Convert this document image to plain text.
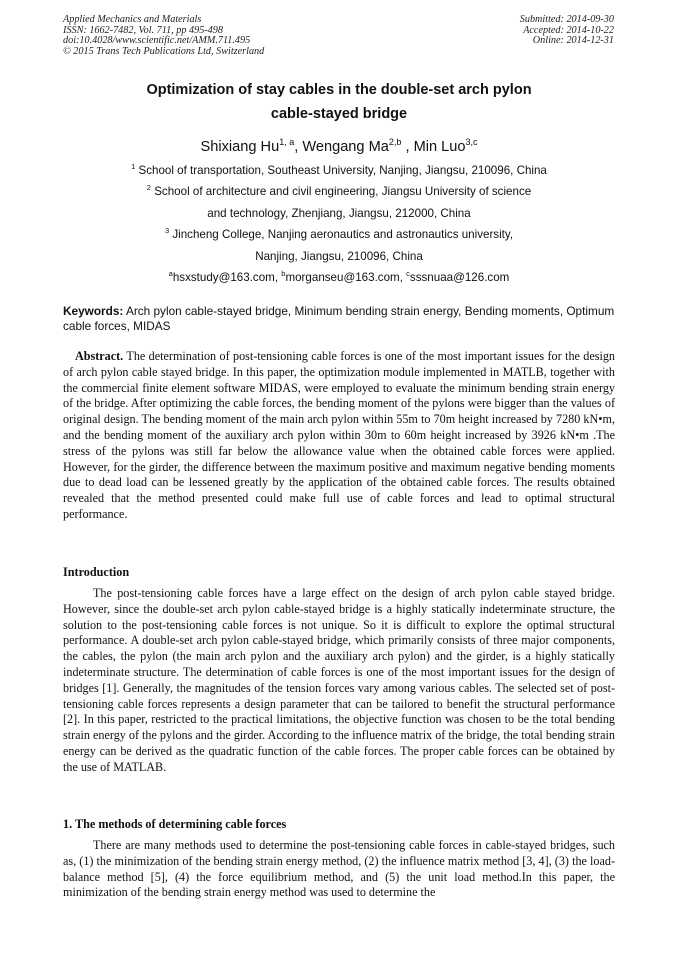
Applied Mechanics and Materials
ISSN: 1662-7482, Vol. 711, pp 495-498
doi:10.4028/www.scientific.net/AMM.711.495
© 2015 Trans Tech Publications Ltd, Switzerland
Submitted: 2014-09-30
Accepted: 2014-10-22
Online: 2014-12-31
Optimization of stay cables in the double-set arch pylon
cable-stayed bridge
Shixiang Hu$^{1, a}$, Wengang Ma$^{2,b}$ , Min Luo$^{3,c}$
$^1$ School of transportation, Southeast University, Nanjing, Jiangsu, 210096, China
$^2$ School of architecture and civil engineering, Jiangsu University of science
and technology, Zhenjiang, Jiangsu, 212000, China
$^3$ Jincheng College, Nanjing aeronautics and astronautics university,
Nanjing, Jiangsu, 210096, China
$^a$hsxstudy@163.com, $^b$morganseu@163.com, $^c$sssnuaa@126.com
Keywords: Arch pylon cable-stayed bridge, Minimum bending strain energy, Bending moments, Optimum cable forces, MIDAS
Abstract. The determination of post-tensioning cable forces is one of the most important issues for the design of arch pylon cable stayed bridge. In this paper, the optimization module implemented in MATLB, together with the commercial finite element software MIDAS, were employed to evaluate the minimum bending strain energy of the bridge. After optimizing the cable forces, the bending moment of the pylons were bigger than the values of original design. The bending moment of the main arch pylon within 55m to 70m height increased by 7280 kN•m, and the bending moment of the auxiliary arch pylon within 30m to 60m height increased by 3926 kN•m .The stress of the pylons was still far below the allowance value when the obtained cable forces were applied. However, for the girder, the difference between the maximum positive and maximum negative bending moments due to dead load can be lessened greatly by the application of the obtained cable forces. The results obtained revealed that the method presented could make full use of cable forces and lead to optimal structural performance.
Introduction
The post-tensioning cable forces have a large effect on the design of arch pylon cable stayed bridge. However, since the double-set arch pylon cable-stayed bridge is a highly statically indeterminate structure, the solution to the post-tensioning cable forces is not unique. So it is difficult to explore the optimal structural performance. A double-set arch pylon cable-stayed bridge, which primarily consists of three major components, the cables, the pylon (the main arch pylon and the auxiliary arch pylon) and the girder, is a highly statically indeterminate structure. The determination of cable forces is one of the most important issues for the design of bridges [1]. Generally, the magnitudes of the tension forces vary among various cables. The selected set of post-tensioning cable forces represents a design parameter that can be tailored to benefit the structural performance [2]. In this paper, restricted to the practical limitations, the objective function was chosen to be the total bending strain energy of the pylons and the girder. According to the influence matrix of the bridge, the total bending strain energy can be derived as the quadratic function of the cable forces. The proper cable forces can be obtained by the use of MATLAB.
1. The methods of determining cable forces
There are many methods used to determine the post-tensioning cable forces in cable-stayed bridges, such as, (1) the minimization of the bending strain energy method, (2) the influence matrix method [3, 4], (3) the load-balance method [5], (4) the force equilibrium method, and (5) the unit load method.In this paper, the minimization of the bending strain energy method was used to determine the
